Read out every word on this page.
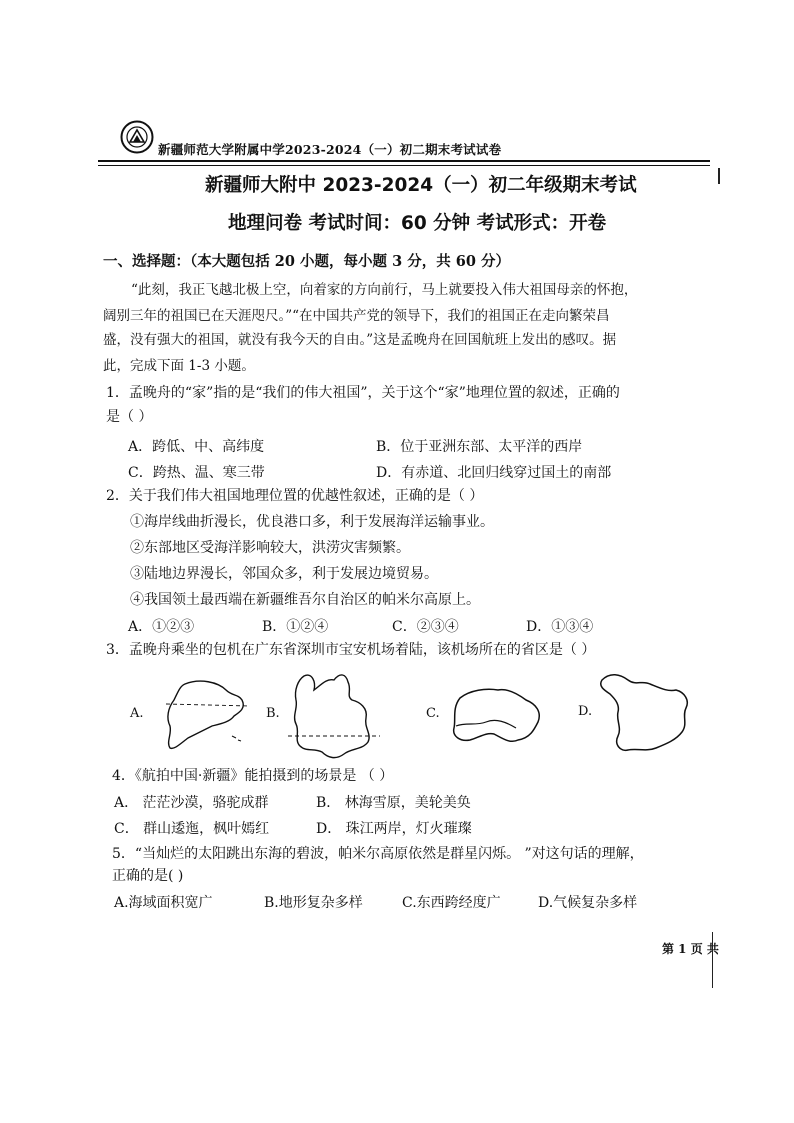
新疆师范大学附属中学2023-2024（一）初二期末考试试卷
新疆师大附中 2023-2024（一）初二年级期末考试
地理问卷 考试时间：60 分钟 考试形式：开卷
一、选择题：（本大题包括 20 小题，每小题 3 分，共 60 分）
“此刻，我正飞越北极上空，向着家的方向前行，马上就要投入伟大祖国母亲的怀抱，
阔别三年的祖国已在天涯咫尺。”“在中国共产党的领导下，我们的祖国正在走向繁荣昌
盛，没有强大的祖国，就没有我今天的自由。”这是孟晚舟在回国航班上发出的感叹。据
此，完成下面 1-3 小题。
1．孟晚舟的“家”指的是“我们的伟大祖国”，关于这个“家”地理位置的叙述，正确的
是（ ）
A．跨低、中、高纬度	B．位于亚洲东部、太平洋的西岸
C．跨热、温、寒三带	D．有赤道、北回归线穿过国土的南部
2．关于我们伟大祖国地理位置的优越性叙述，正确的是（ ）
①海岸线曲折漫长，优良港口多，利于发展海洋运输事业。
②东部地区受海洋影响较大，洪涝灾害频繁。
③陆地边界漫长，邻国众多，利于发展边境贸易。
④我国领土最西端在新疆维吾尔自治区的帕米尔高原上。
A．①②③	B．①②④	C．②③④	D．①③④
3．孟晚舟乘坐的包机在广东省深圳市宝安机场着陆，该机场所在的省区是（ ）
A.	B.	C.	D.
4．《航拍中国·新疆》能拍摄到的场景是 （ ）
A． 茫茫沙漠，骆驼成群	B． 林海雪原，美轮美奂
C． 群山逶迤，枫叶嫣红	D． 珠江两岸，灯火璀璨
5．“当灿烂的太阳跳出东海的碧波，帕米尔高原依然是群星闪烁。 ”对这句话的理解，
正确的是( )
A.海域面积宽广	B.地形复杂多样	C.东西跨经度广	D.气候复杂多样
第 1 页 共
